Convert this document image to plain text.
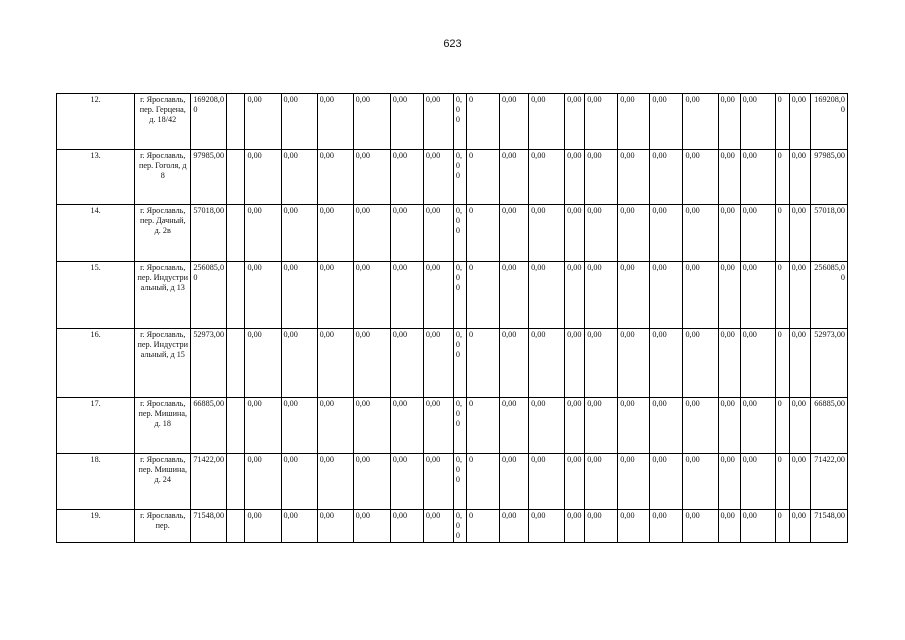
623
12.	г. Ярославль, пер. Герцена, д. 18/42	169208,00		0,00	0,00	0,00	0,00	0,00	0,00	0,00	0	0,00	0,00	0,00	0,00	0,00	0,00	0,00	0,00	0,00	0	0,00	169208,00
13.	г. Ярославль, пер. Гоголя, д 8	97985,00		0,00	0,00	0,00	0,00	0,00	0,00	0,00	0	0,00	0,00	0,00	0,00	0,00	0,00	0,00	0,00	0,00	0	0,00	97985,00
14.	г. Ярославль, пер. Дачный, д. 2в	57018,00		0,00	0,00	0,00	0,00	0,00	0,00	0,00	0	0,00	0,00	0,00	0,00	0,00	0,00	0,00	0,00	0,00	0	0,00	57018,00
15.	г. Ярославль, пер. Индустриальный, д 13	256085,00		0,00	0,00	0,00	0,00	0,00	0,00	0,00	0	0,00	0,00	0,00	0,00	0,00	0,00	0,00	0,00	0,00	0	0,00	256085,00
16.	г. Ярославль, пер. Индустриальный, д 15	52973,00		0,00	0,00	0,00	0,00	0,00	0,00	0,00	0	0,00	0,00	0,00	0,00	0,00	0,00	0,00	0,00	0,00	0	0,00	52973,00
17.	г. Ярославль, пер. Мишина, д. 18	66885,00		0,00	0,00	0,00	0,00	0,00	0,00	0,00	0	0,00	0,00	0,00	0,00	0,00	0,00	0,00	0,00	0,00	0	0,00	66885,00
18.	г. Ярославль, пер. Мишина, д. 24	71422,00		0,00	0,00	0,00	0,00	0,00	0,00	0,00	0	0,00	0,00	0,00	0,00	0,00	0,00	0,00	0,00	0,00	0	0,00	71422,00
19.	г. Ярославль, пер.	71548,00		0,00	0,00	0,00	0,00	0,00	0,00	0,00	0	0,00	0,00	0,00	0,00	0,00	0,00	0,00	0,00	0,00	0	0,00	71548,00
